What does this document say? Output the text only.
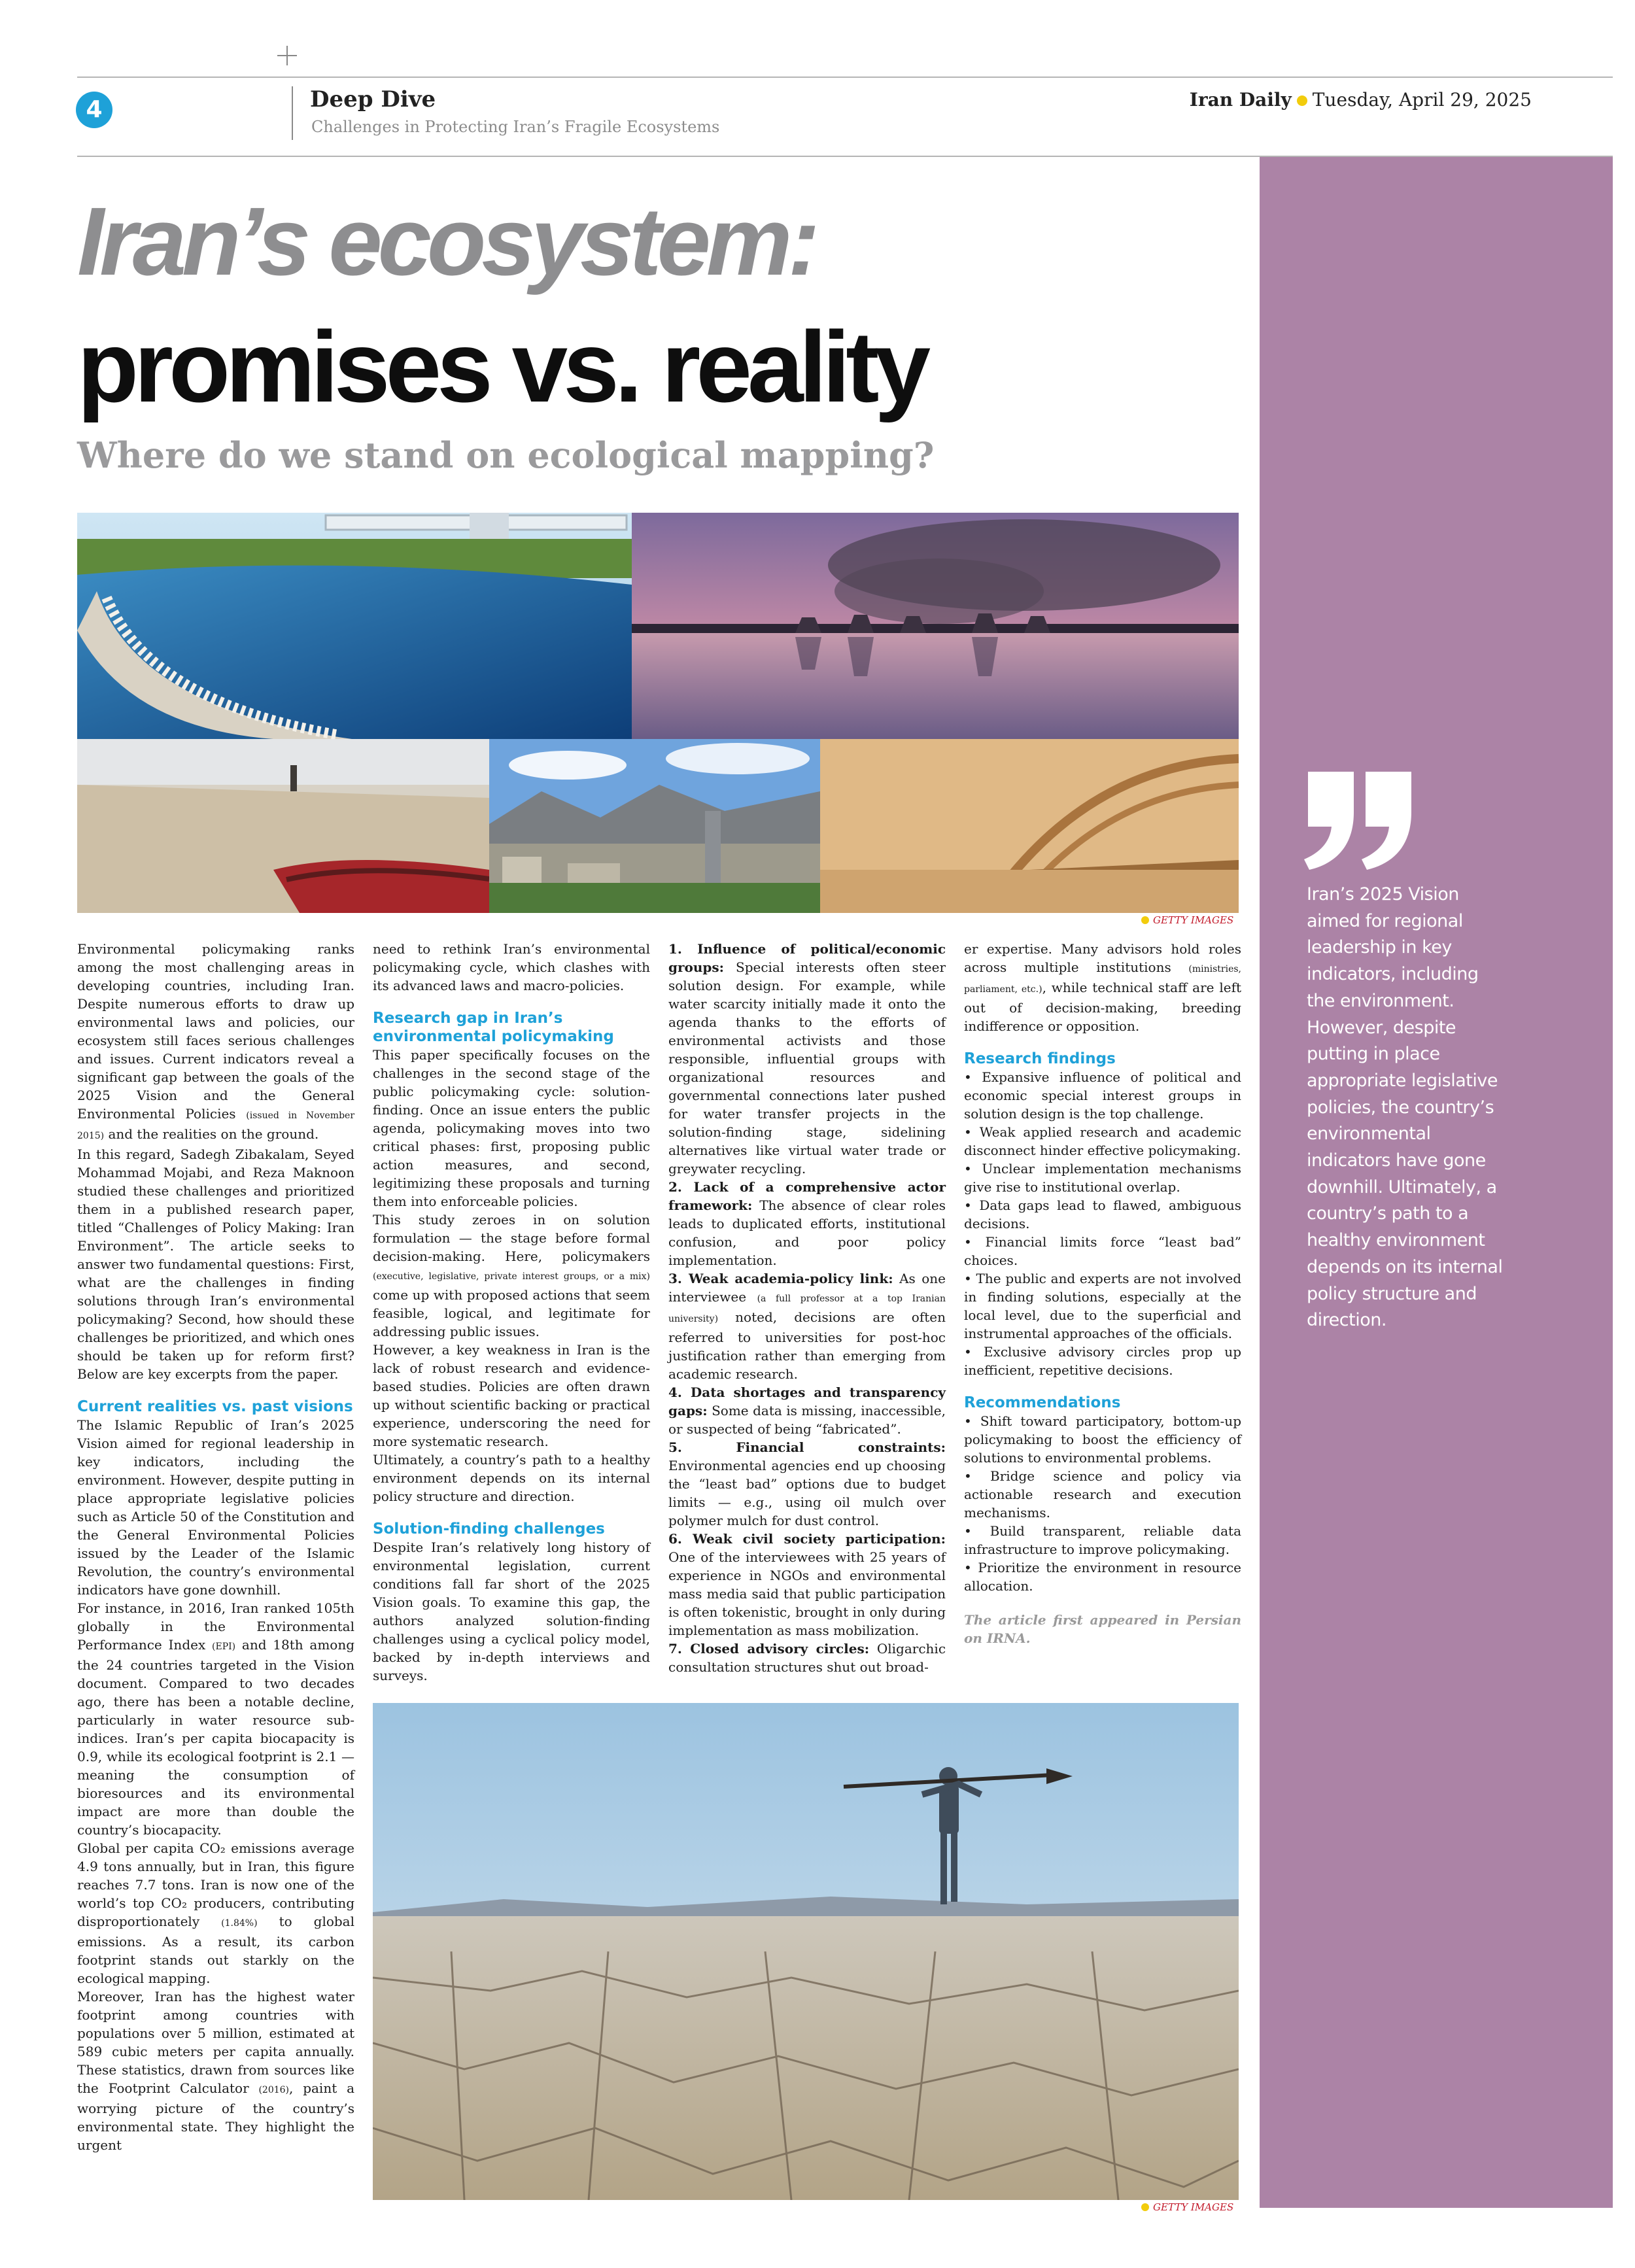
4	Deep Dive
Challenges in Protecting Iran’s Fragile Ecosystems
Iran Daily Tuesday, April 29, 2025
Iran’s 2025 Vision aimed for regional leadership in key indicators, including the environment. However, despite putting in place appropriate legislative policies, the country’s environmental indicators have gone downhill. Ultimately, a country’s path to a healthy environment depends on its internal policy structure and direction.
Iran’s ecosystem:
promises vs. reality
Where do we stand on ecological mapping?
GETTY IMAGES

Environmental policymaking ranks among the most challenging areas in developing countries, including Iran. Despite numerous efforts to draw up environmental laws and policies, our ecosystem still faces serious challenges and issues. Current indicators reveal a significant gap between the goals of the 2025 Vision and the General Environmental Policies (issued in November 2015) and the realities on the ground.

In this regard, Sadegh Zibakalam, Seyed Mohammad Mojabi, and Reza Maknoon studied these challenges and prioritized them in a published research paper, titled “Challenges of Policy Making: Iran Environment”. The article seeks to answer two fundamental questions: First, what are the challenges in finding solutions through Iran’s environmental policymaking? Second, how should these challenges be prioritized, and which ones should be taken up for reform first? Below are key excerpts from the paper.

Current realities vs. past visions

The Islamic Republic of Iran’s 2025 Vision aimed for regional leadership in key indicators, including the environment. However, despite putting in place appropriate legislative policies such as Article 50 of the Constitution and the General Environmental Policies issued by the Leader of the Islamic Revolution, the country’s environmental indicators have gone downhill.

For instance, in 2016, Iran ranked 105th globally in the Environmental Performance Index (EPI) and 18th among the 24 countries targeted in the Vision document. Compared to two decades ago, there has been a notable decline, particularly in water resource sub-indices. Iran’s per capita biocapacity is 0.9, while its ecological footprint is 2.1 — meaning the consumption of bioresources and its environmental impact are more than double the country’s biocapacity.

Global per capita CO₂ emissions average 4.9 tons annually, but in Iran, this figure reaches 7.7 tons. Iran is now one of the world’s top CO₂ producers, contributing disproportionately (1.84%) to global emissions. As a result, its carbon footprint stands out starkly on the ecological mapping.

Moreover, Iran has the highest water footprint among countries with populations over 5 million, estimated at 589 cubic meters per capita annually. These statistics, drawn from sources like the Footprint Calculator (2016), paint a worrying picture of the country’s environmental state. They highlight the urgent

need to rethink Iran’s environmental policymaking cycle, which clashes with its advanced laws and macro-policies.

Research gap in Iran’s environmental policymaking

This paper specifically focuses on the challenges in the second stage of the public policymaking cycle: solution-finding. Once an issue enters the public agenda, policymaking moves into two critical phases: first, proposing public action measures, and second, legitimizing these proposals and turning them into enforceable policies.

This study zeroes in on solution formulation — the stage before formal decision-making. Here, policymakers (executive, legislative, private interest groups, or a mix) come up with proposed actions that seem feasible, logical, and legitimate for addressing public issues.

However, a key weakness in Iran is the lack of robust research and evidence-based studies. Policies are often drawn up without scientific backing or practical experience, underscoring the need for more systematic research.

Ultimately, a country’s path to a healthy environment depends on its internal policy structure and direction.

Solution-finding challenges

Despite Iran’s relatively long history of environmental legislation, current conditions fall far short of the 2025 Vision goals. To examine this gap, the authors analyzed solution-finding challenges using a cyclical policy model, backed by in-depth interviews and surveys.

1. Influence of political/economic groups: Special interests often steer solution design. For example, while water scarcity initially made it onto the agenda thanks to the efforts of environmental activists and those responsible, influential groups with organizational resources and governmental connections later pushed for water transfer projects in the solution-finding stage, sidelining alternatives like virtual water trade or greywater recycling.

2. Lack of a comprehensive actor framework: The absence of clear roles leads to duplicated efforts, institutional confusion, and poor policy implementation.

3. Weak academia-policy link: As one interviewee (a full professor at a top Iranian university) noted, decisions are often referred to universities for post-hoc justification rather than emerging from academic research.

4. Data shortages and transparency gaps: Some data is missing, inaccessible, or suspected of being “fabricated”.

5. Financial constraints: Environmental agencies end up choosing the “least bad” options due to budget limits — e.g., using oil mulch over polymer mulch for dust control.

6. Weak civil society participation: One of the interviewees with 25 years of experience in NGOs and environmental mass media said that public participation is often tokenistic, brought in only during implementation as mass mobilization.

7. Closed advisory circles: Oligarchic consultation structures shut out broad-

er expertise. Many advisors hold roles across multiple institutions (ministries, parliament, etc.), while technical staff are left out of decision-making, breeding indifference or opposition.

Research findings

• Expansive influence of political and economic special interest groups in solution design is the top challenge.

• Weak applied research and academic disconnect hinder effective policymaking.

• Unclear implementation mechanisms give rise to institutional overlap.

• Data gaps lead to flawed, ambiguous decisions.

• Financial limits force “least bad” choices.

• The public and experts are not involved in finding solutions, especially at the local level, due to the superficial and instrumental approaches of the officials.

• Exclusive advisory circles prop up inefficient, repetitive decisions.

Recommendations

• Shift toward participatory, bottom-up policymaking to boost the efficiency of solutions to environmental problems.

• Bridge science and policy via actionable research and execution mechanisms.

• Build transparent, reliable data infrastructure to improve policymaking.

• Prioritize the environment in resource allocation.

The article first appeared in Persian on IRNA.

GETTY IMAGES
